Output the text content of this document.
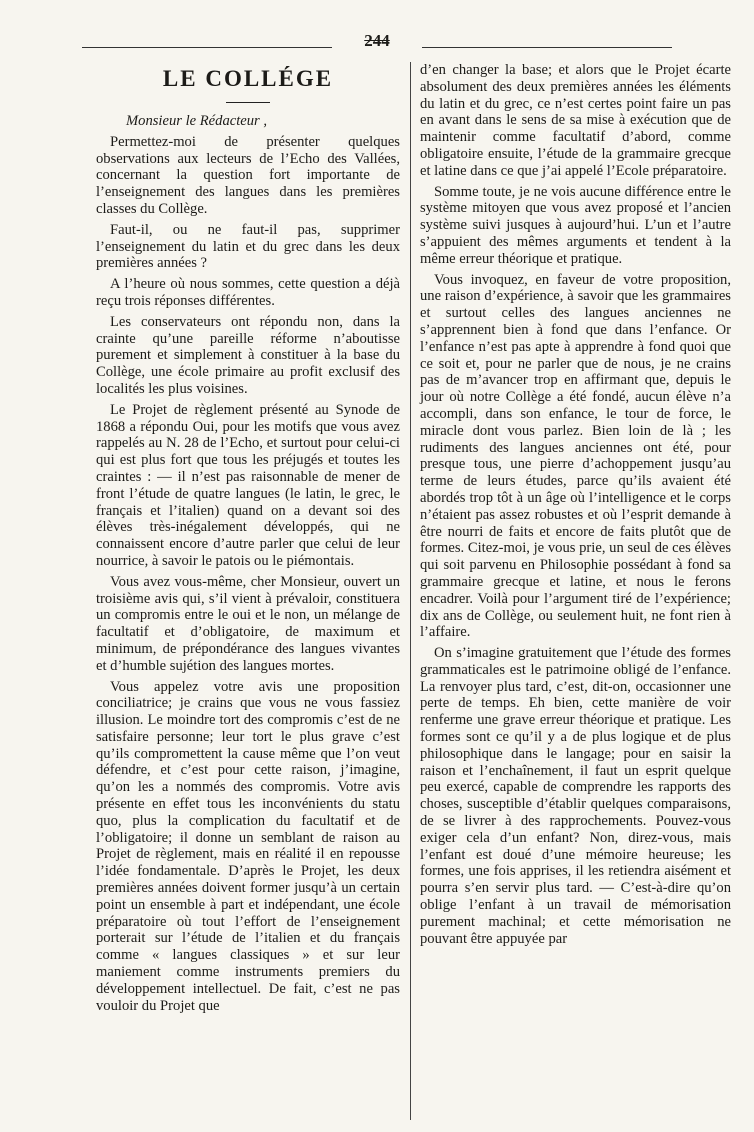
244
LE COLLÉGE

Monsieur le Rédacteur ,

Permettez-moi de présenter quelques observations aux lecteurs de l’Echo des Vallées, concernant la question fort importante de l’enseignement des langues dans les premières classes du Collège.

Faut-il, ou ne faut-il pas, supprimer l’enseignement du latin et du grec dans les deux premières années ?

A l’heure où nous sommes, cette question a déjà reçu trois réponses différentes.

Les conservateurs ont répondu non, dans la crainte qu’une pareille réforme n’aboutisse purement et simplement à constituer à la base du Collège, une école primaire au profit exclusif des localités les plus voisines.

Le Projet de règlement présenté au Synode de 1868 a répondu Oui, pour les motifs que vous avez rappelés au N. 28 de l’Echo, et surtout pour celui-ci qui est plus fort que tous les préjugés et toutes les craintes : — il n’est pas raisonnable de mener de front l’étude de quatre langues (le latin, le grec, le français et l’italien) quand on a devant soi des élèves très-inégalement développés, qui ne connaissent encore d’autre parler que celui de leur nourrice, à savoir le patois ou le piémontais.

Vous avez vous-même, cher Monsieur, ouvert un troisième avis qui, s’il vient à prévaloir, constituera un compromis entre le oui et le non, un mélange de facultatif et d’obligatoire, de maximum et minimum, de prépondérance des langues vivantes et d’humble sujétion des langues mortes.

Vous appelez votre avis une proposition conciliatrice; je crains que vous ne vous fassiez illusion. Le moindre tort des compromis c’est de ne satisfaire personne; leur tort le plus grave c’est qu’ils compromettent la cause même que l’on veut défendre, et c’est pour cette raison, j’imagine, qu’on les a nommés des compromis. Votre avis présente en effet tous les inconvénients du statu quo, plus la complication du facultatif et de l’obligatoire; il donne un semblant de raison au Projet de règlement, mais en réalité il en repousse l’idée fondamentale. D’après le Projet, les deux premières années doivent former jusqu’à un certain point un ensemble à part et indépendant, une école préparatoire où tout l’effort de l’enseignement porterait sur l’étude de l’italien et du français comme « langues classiques » et sur leur maniement comme instruments premiers du développement intellectuel. De fait, c’est ne pas vouloir du Projet que

d’en changer la base; et alors que le Projet écarte absolument des deux premières années les éléments du latin et du grec, ce n’est certes point faire un pas en avant dans le sens de sa mise à exécution que de maintenir comme facultatif d’abord, comme obligatoire ensuite, l’étude de la grammaire grecque et latine dans ce que j’ai appelé l’Ecole préparatoire.

Somme toute, je ne vois aucune différence entre le système mitoyen que vous avez proposé et l’ancien système suivi jusques à aujourd’hui. L’un et l’autre s’appuient des mêmes arguments et tendent à la même erreur théorique et pratique.

Vous invoquez, en faveur de votre proposition, une raison d’expérience, à savoir que les grammaires et surtout celles des langues anciennes ne s’apprennent bien à fond que dans l’enfance. Or l’enfance n’est pas apte à apprendre à fond quoi que ce soit et, pour ne parler que de nous, je ne crains pas de m’avancer trop en affirmant que, depuis le jour où notre Collège a été fondé, aucun élève n’a accompli, dans son enfance, le tour de force, le miracle dont vous parlez. Bien loin de là ; les rudiments des langues anciennes ont été, pour presque tous, une pierre d’achoppement jusqu’au terme de leurs études, parce qu’ils avaient été abordés trop tôt à un âge où l’intelligence et le corps n’étaient pas assez robustes et où l’esprit demande à être nourri de faits et encore de faits plutôt que de formes. Citez-moi, je vous prie, un seul de ces élèves qui soit parvenu en Philosophie possédant à fond sa grammaire grecque et latine, et nous le ferons encadrer. Voilà pour l’argument tiré de l’expérience; dix ans de Collège, ou seulement huit, ne font rien à l’affaire.

On s’imagine gratuitement que l’étude des formes grammaticales est le patrimoine obligé de l’enfance. La renvoyer plus tard, c’est, dit-on, occasionner une perte de temps. Eh bien, cette manière de voir renferme une grave erreur théorique et pratique. Les formes sont ce qu’il y a de plus logique et de plus philosophique dans le langage; pour en saisir la raison et l’enchaînement, il faut un esprit quelque peu exercé, capable de comprendre les rapports des choses, susceptible d’établir quelques comparaisons, de se livrer à des rapprochements. Pouvez-vous exiger cela d’un enfant? Non, direz-vous, mais l’enfant est doué d’une mémoire heureuse; les formes, une fois apprises, il les retiendra aisément et pourra s’en servir plus tard. — C’est-à-dire qu’on oblige l’enfant à un travail de mémorisation purement machinal; et cette mémorisation ne pouvant être appuyée par
